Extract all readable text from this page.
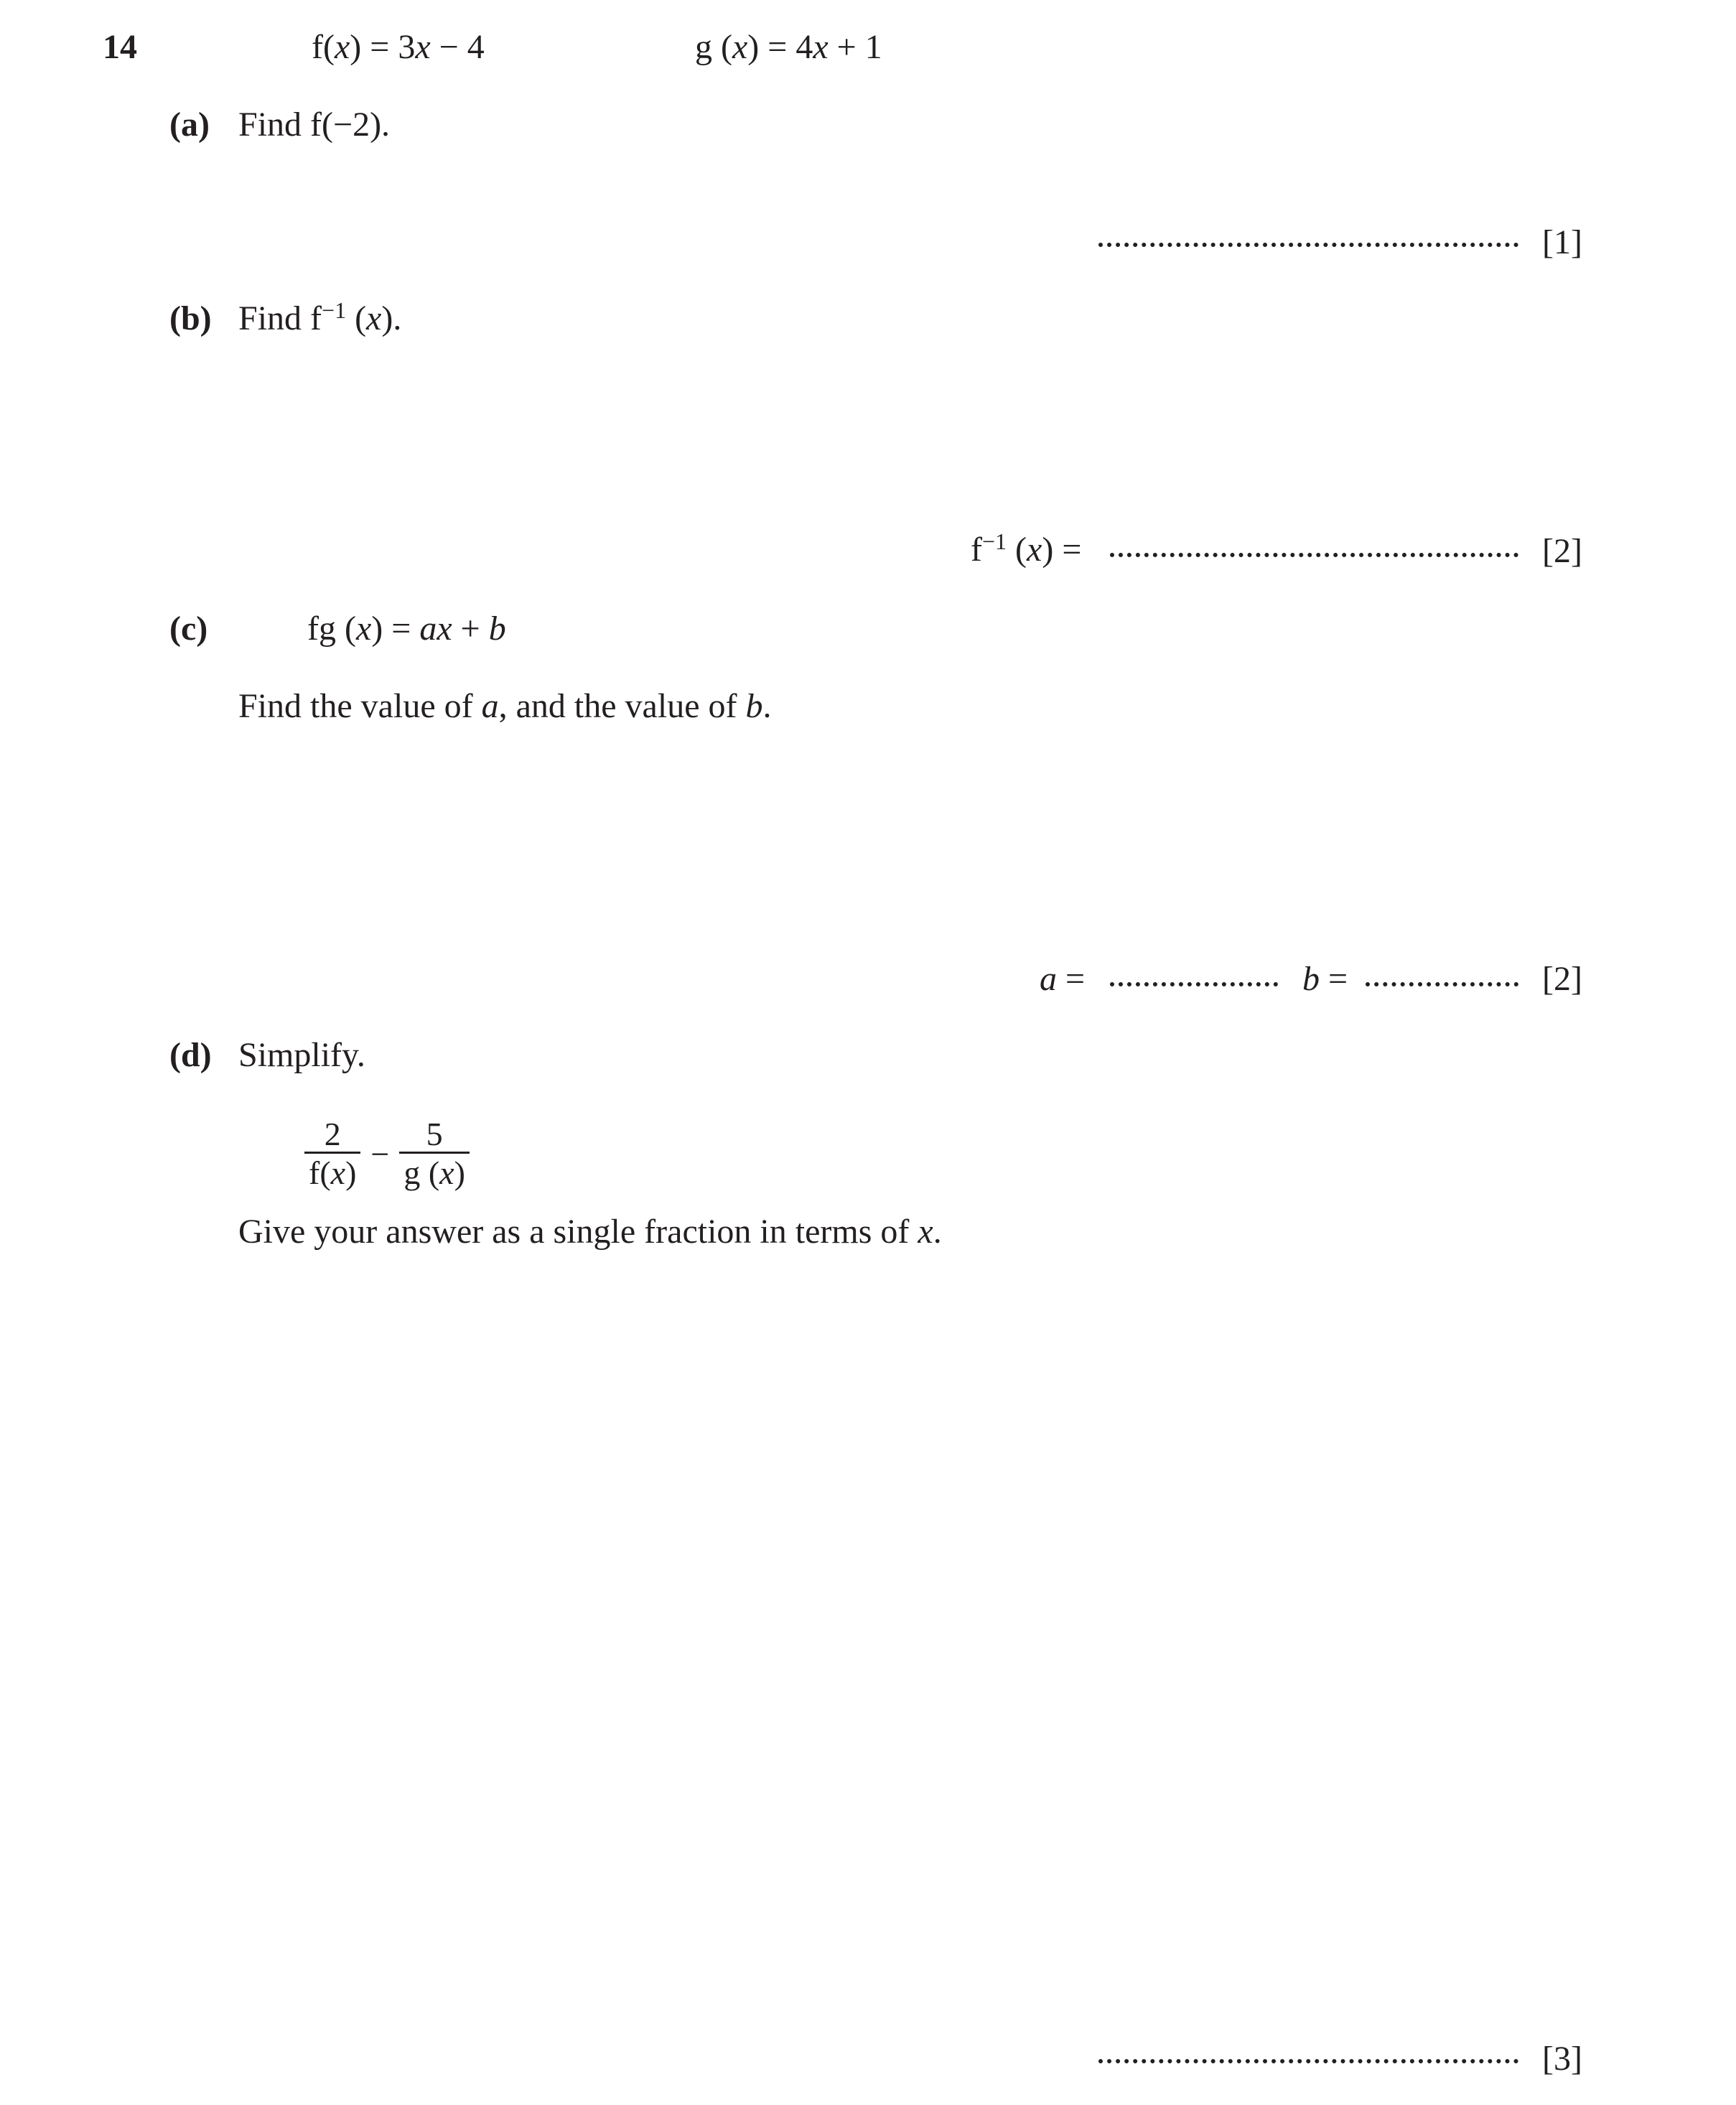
14	f(x) = 3x − 4	g (x) = 4x + 1
(a) Find f(−2).
[1]
(b) Find $f^{-1}$ (x).
$f^{-1}$ (x) =	[2]
(c)	fg (x) = ax + b
Find the value of a, and the value of b.
a =	b =	[2]
(d) Simplify.
$\frac{2}{f(x)} - \frac{5}{g (x)}$
Give your answer as a single fraction in terms of x.
[3]
